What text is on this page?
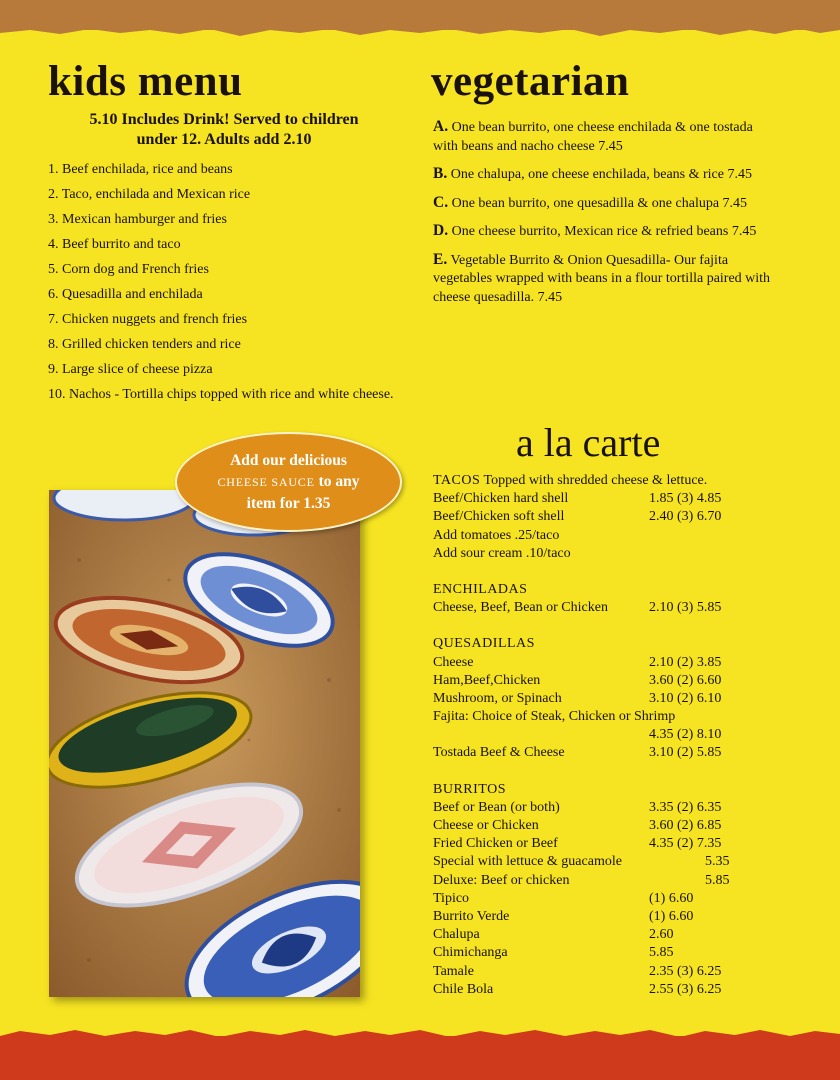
kids menu
5.10 Includes Drink! Served to children
under 12. Adults add 2.10
1. Beef enchilada, rice and beans
2. Taco, enchilada and Mexican rice
3. Mexican hamburger and fries
4. Beef burrito and taco
5. Corn dog and French fries
6. Quesadilla and enchilada
7. Chicken nuggets and french fries
8. Grilled chicken tenders and rice
9. Large slice of cheese pizza
10. Nachos - Tortilla chips topped with rice and white cheese.
Add our delicious
CHEESE SAUCE to any
item for 1.35
vegetarian
A. One bean burrito, one cheese enchilada & one tostada with beans and nacho cheese 7.45
B. One chalupa, one cheese enchilada, beans & rice 7.45
C. One bean burrito, one quesadilla & one chalupa 7.45
D. One cheese burrito, Mexican rice & refried beans 7.45
E. Vegetable Burrito & Onion Quesadilla- Our fajita vegetables wrapped with beans in a flour tortilla paired with cheese quesadilla. 7.45
a la carte
TACOS Topped with shredded cheese & lettuce.
Beef/Chicken hard shell	1.85 (3) 4.85
Beef/Chicken soft shell	2.40 (3) 6.70
Add tomatoes .25/taco
Add sour cream .10/taco
ENCHILADAS
Cheese, Beef, Bean or Chicken	2.10 (3) 5.85
QUESADILLAS
Cheese	2.10 (2) 3.85
Ham,Beef,Chicken	3.60 (2) 6.60
Mushroom, or Spinach	3.10 (2) 6.10
Fajita: Choice of Steak, Chicken or Shrimp
4.35 (2) 8.10
Tostada Beef & Cheese	3.10 (2) 5.85
BURRITOS
Beef or Bean (or both)	3.35 (2) 6.35
Cheese or Chicken	3.60 (2) 6.85
Fried Chicken or Beef	4.35 (2) 7.35
Special with lettuce & guacamole	5.35
Deluxe: Beef or chicken	5.85
Tipico	(1) 6.60
Burrito Verde	(1) 6.60
Chalupa	2.60
Chimichanga	5.85
Tamale	2.35 (3) 6.25
Chile Bola	2.55 (3) 6.25
